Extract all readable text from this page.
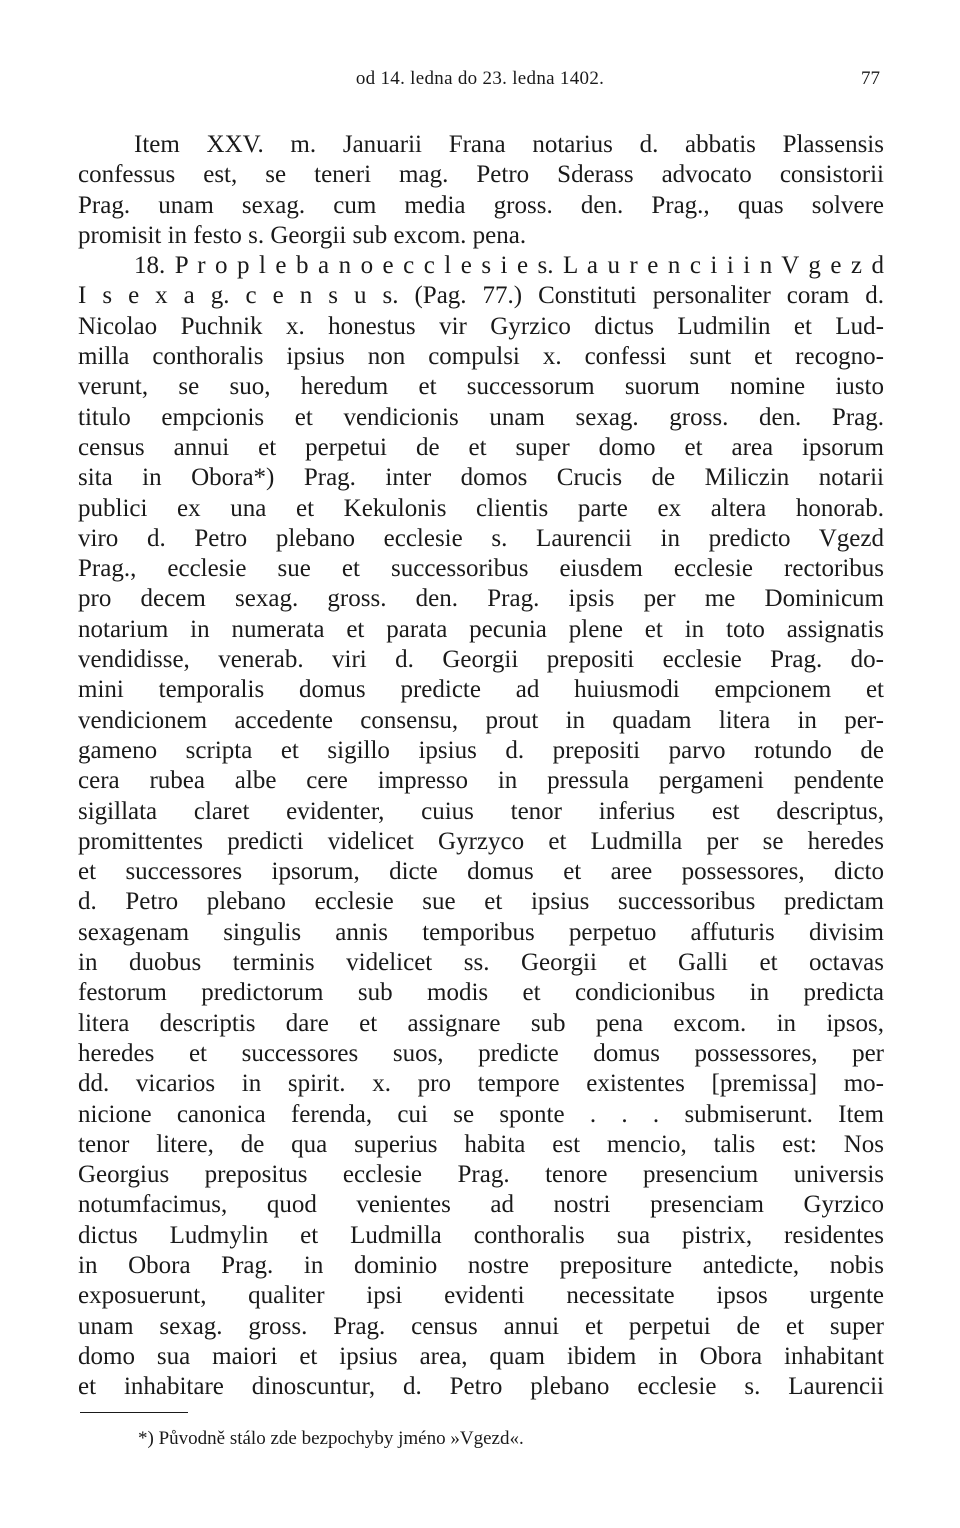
od 14. ledna do 23. ledna 1402.	77
Item XXV. m. Januarii Frana notarius d. abbatis Plassensis
confessus est, se teneri mag. Petro Sderass advocato consistorii
Prag. unam sexag. cum media gross. den. Prag., quas solvere
promisit in festo s. Georgii sub excom. pena.
18. P r o p l e b a n o e c c l e s i e s. L a u r e n c i i i n V g e z d
I s e x a g. c e n s u s. (Pag. 77.) Constituti personaliter coram d.
Nicolao Puchnik x. honestus vir Gyrzico dictus Ludmilin et Lud-
milla conthoralis ipsius non compulsi x. confessi sunt et recogno-
verunt, se suo, heredum et successorum suorum nomine iusto
titulo empcionis et vendicionis unam sexag. gross. den. Prag.
census annui et perpetui de et super domo et area ipsorum
sita in Obora*) Prag. inter domos Crucis de Miliczin notarii
publici ex una et Kekulonis clientis parte ex altera honorab.
viro d. Petro plebano ecclesie s. Laurencii in predicto Vgezd
Prag., ecclesie sue et successoribus eiusdem ecclesie rectoribus
pro decem sexag. gross. den. Prag. ipsis per me Dominicum
notarium in numerata et parata pecunia plene et in toto assignatis
vendidisse, venerab. viri d. Georgii prepositi ecclesie Prag. do-
mini temporalis domus predicte ad huiusmodi empcionem et
vendicionem accedente consensu, prout in quadam litera in per-
gameno scripta et sigillo ipsius d. prepositi parvo rotundo de
cera rubea albe cere impresso in pressula pergameni pendente
sigillata claret evidenter, cuius tenor inferius est descriptus,
promittentes predicti videlicet Gyrzyco et Ludmilla per se heredes
et successores ipsorum, dicte domus et aree possessores, dicto
d. Petro plebano ecclesie sue et ipsius successoribus predictam
sexagenam singulis annis temporibus perpetuo affuturis divisim
in duobus terminis videlicet ss. Georgii et Galli et octavas
festorum predictorum sub modis et condicionibus in predicta
litera descriptis dare et assignare sub pena excom. in ipsos,
heredes et successores suos, predicte domus possessores, per
dd. vicarios in spirit. x. pro tempore existentes [premissa] mo-
nicione canonica ferenda, cui se sponte . . . submiserunt. Item
tenor litere, de qua superius habita est mencio, talis est: Nos
Georgius prepositus ecclesie Prag. tenore presencium universis
notumfacimus, quod venientes ad nostri presenciam Gyrzico
dictus Ludmylin et Ludmilla conthoralis sua pistrix, residentes
in Obora Prag. in dominio nostre prepositure antedicte, nobis
exposuerunt, qualiter ipsi evidenti necessitate ipsos urgente
unam sexag. gross. Prag. census annui et perpetui de et super
domo sua maiori et ipsius area, quam ibidem in Obora inhabitant
et inhabitare dinoscuntur, d. Petro plebano ecclesie s. Laurencii
*) Původně stálo zde bezpochyby jméno »Vgezd«.
